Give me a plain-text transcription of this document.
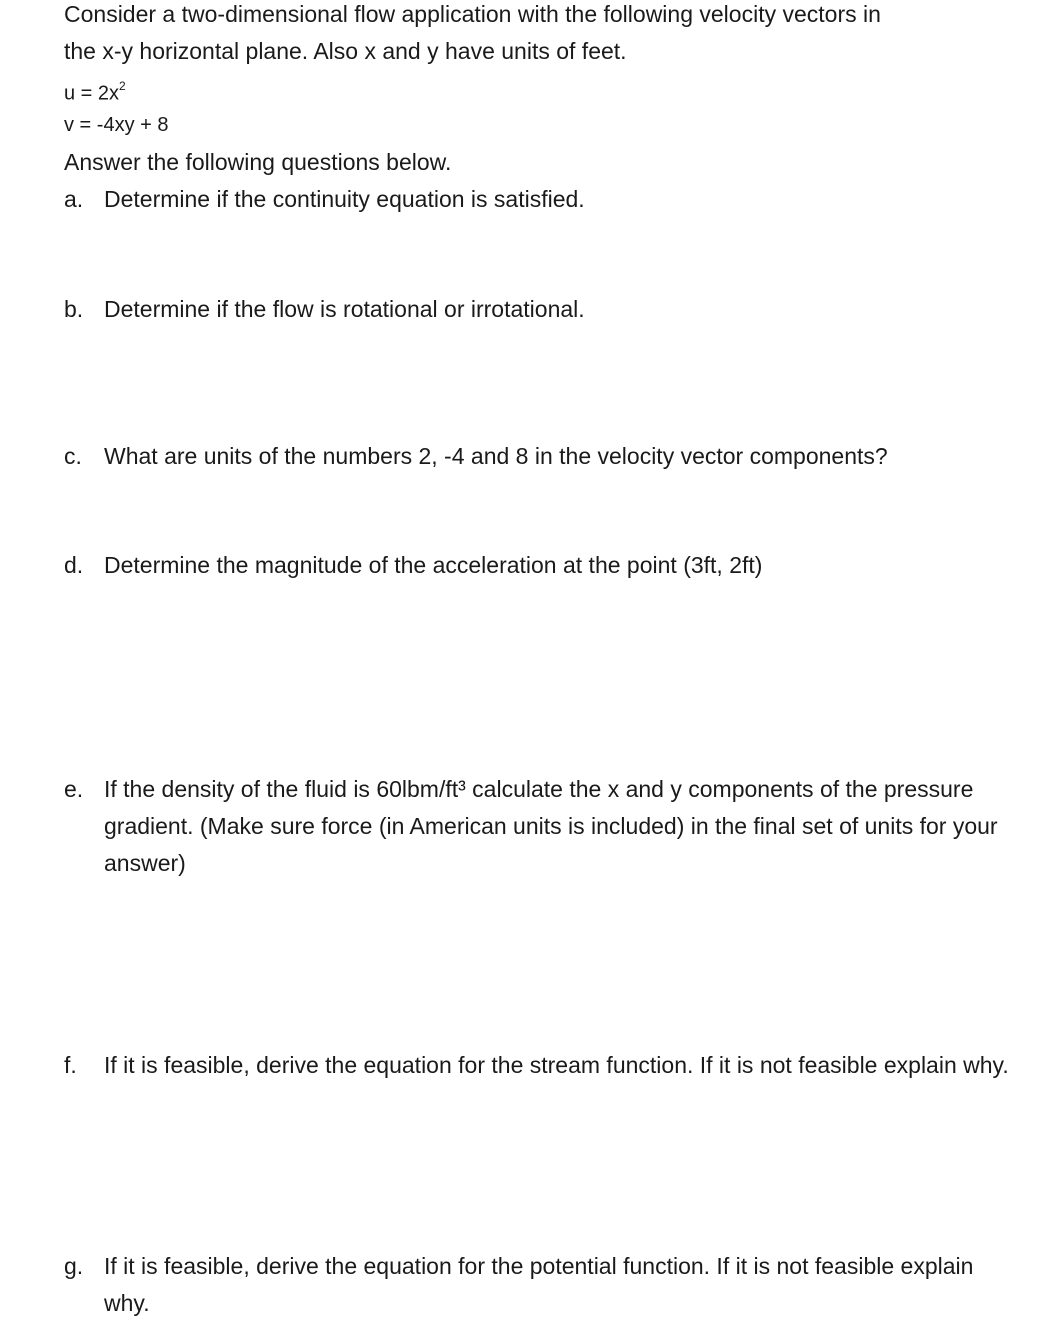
Consider a two-dimensional flow application with the following velocity vectors in
the x-y horizontal plane. Also x and y have units of feet.
$u = 2x^2$
v = -4xy + 8
Answer the following questions below.
a. Determine if the continuity equation is satisfied.
b. Determine if the flow is rotational or irrotational.
c. What are units of the numbers 2, -4 and 8 in the velocity vector components?
d. Determine the magnitude of the acceleration at the point (3ft, 2ft)
e. If the density of the fluid is 60lbm/ft³ calculate the x and y components of the pressure gradient. (Make sure force (in American units is included) in the final set of units for your answer)
f.	If it is feasible, derive the equation for the stream function. If it is not feasible explain why.
g. If it is feasible, derive the equation for the potential function. If it is not feasible explain why.
